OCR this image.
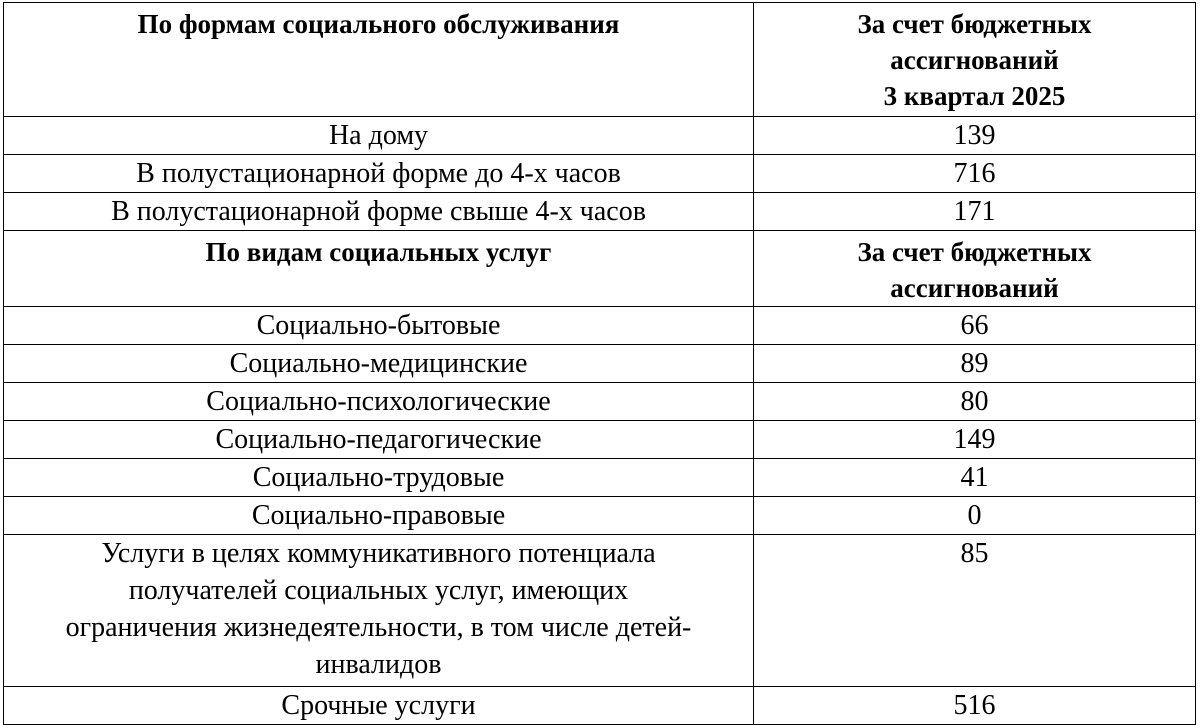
По формам социального обслуживания	За счет бюджетных
ассигнований
3 квартал 2025

На дому	139
В полустационарной форме до 4-х часов	716
В полустационарной форме свыше 4-х часов	171
По видам социальных услуг	За счет бюджетных
ассигнований

Социально-бытовые	66
Социально-медицинские	89
Социально-психологические	80
Социально-педагогические	149
Социально-трудовые	41
Социально-правовые	0

Услуги в целях коммуникативного потенциала
получателей социальных услуг, имеющих
ограничения жизнедеятельности, в том числе детей-
инвалидов	85
Срочные услуги	516
